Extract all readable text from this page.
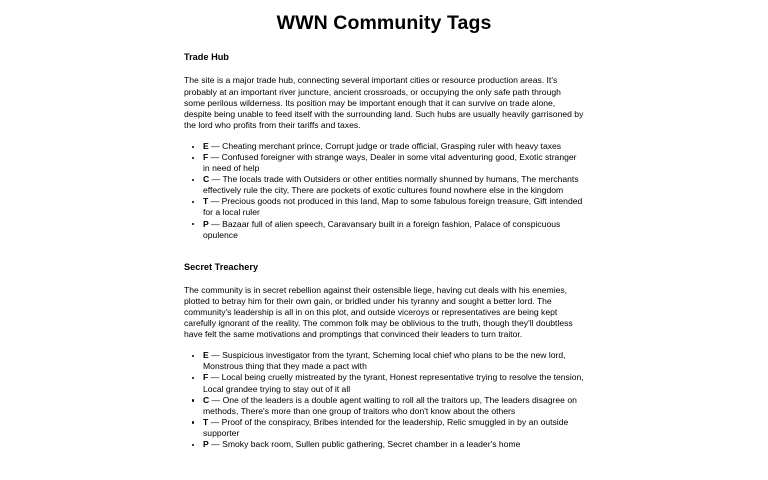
WWN Community Tags
Trade Hub

The site is a major trade hub, connecting several important cities or resource production areas. It's probably at an important river juncture, ancient crossroads, or occupying the only safe path through some perilous wilderness. Its position may be important enough that it can survive on trade alone, despite being unable to feed itself with the surrounding land. Such hubs are usually heavily garrisoned by the lord who profits from their tariffs and taxes.

E — Cheating merchant prince, Corrupt judge or trade official, Grasping ruler with heavy taxes
F — Confused foreigner with strange ways, Dealer in some vital adventuring good, Exotic stranger in need of help
C — The locals trade with Outsiders or other entities normally shunned by humans, The merchants effectively rule the city, There are pockets of exotic cultures found nowhere else in the kingdom
T — Precious goods not produced in this land, Map to some fabulous foreign treasure, Gift intended for a local ruler
P — Bazaar full of alien speech, Caravansary built in a foreign fashion, Palace of conspicuous opulence
Secret Treachery

The community is in secret rebellion against their ostensible liege, having cut deals with his enemies, plotted to betray him for their own gain, or bridled under his tyranny and sought a better lord. The community's leadership is all in on this plot, and outside viceroys or representatives are being kept carefully ignorant of the reality. The common folk may be oblivious to the truth, though they'll doubtless have felt the same motivations and promptings that convinced their leaders to turn traitor.

E — Suspicious investigator from the tyrant, Scheming local chief who plans to be the new lord, Monstrous thing that they made a pact with
F — Local being cruelly mistreated by the tyrant, Honest representative trying to resolve the tension, Local grandee trying to stay out of it all
C — One of the leaders is a double agent waiting to roll all the traitors up, The leaders disagree on methods, There's more than one group of traitors who don't know about the others
T — Proof of the conspiracy, Bribes intended for the leadership, Relic smuggled in by an outside supporter
P — Smoky back room, Sullen public gathering, Secret chamber in a leader's home
